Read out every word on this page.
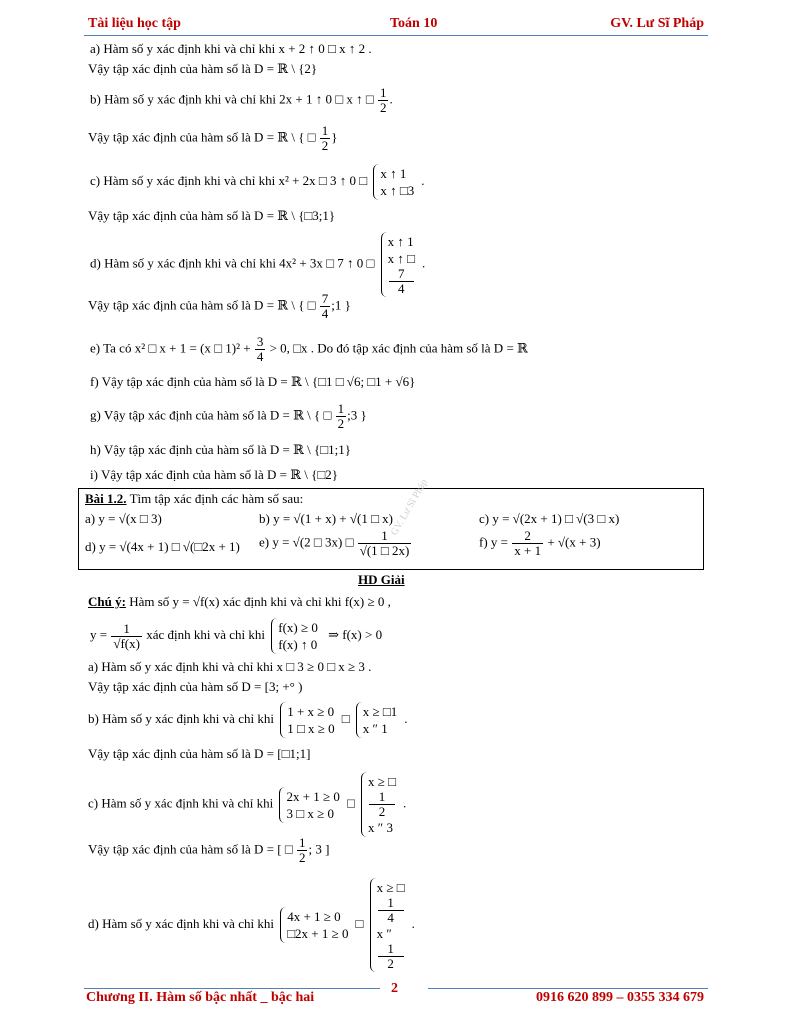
Tài liệu học tập	Toán 10	GV. Lư Sĩ Pháp
a) Hàm số y xác định khi và chỉ khi x + 2 ↑ 0 □ x ↑ 2 .
Vậy tập xác định của hàm số là D = ℝ \ {2}
b) Hàm số y xác định khi và chỉ khi 2x + 1 ↑ 0 □ x ↑ □ $\frac{1}{2}$ .
Vậy tập xác định của hàm số là D = ℝ \ { □ $\frac{1}{2}$ }
c) Hàm số y xác định khi và chỉ khi x² + 2x □ 3 ↑ 0 □ x ↑ 1
x ↑ □3
.
Vậy tập xác định của hàm số là D = ℝ \ {□3;1}
d) Hàm số y xác định khi và chỉ khi 4x² + 3x □ 7 ↑ 0 □
x ↑ 1
x ↑ □
7
4
.
Vậy tập xác định của hàm số là D = ℝ \ { □ $\frac{7}{4}$ ;1 }
e) Ta có x² □ x + 1 = (x □ $1)^2 + \frac{3}{4} > 0$, □x . Do đó tập xác định của hàm số là D = ℝ
f) Vậy tập xác định của hàm số là D = ℝ \ {□1 □ √6; □1 + √6}
g) Vậy tập xác định của hàm số là D = ℝ \ { □ $\frac{1}{2}$ ;3 }
h) Vậy tập xác định của hàm số là D = ℝ \ {□1;1}
i) Vậy tập xác định của hàm số là D = ℝ \ {□2}
Bài 1.2. Tìm tập xác định các hàm số sau:
a) y = √(x □ 3)	b) y = √(1 + x) + √(1 □ x)	c) y = √(2x + 1) □ √(3 □ x)
d) y = √(4x + 1) □ √(□2x + 1) e) y = √(2 □ 3x) □ $\frac{1}{√(1 □ 2x)}$	f) $y = \frac{2}{x + 1} + √(x + 3)$
GV. Lư Sĩ Pháp
HD Giải
Chú ý: Hàm số y = √f(x) xác định khi và chỉ khi f(x) ≥ 0 ,
$y = \frac{1}{√f(x)}$ xác định khi và chỉ khi f(x) ≥ 0
f(x) ↑ 0
⇒ f(x) > 0
a) Hàm số y xác định khi và chỉ khi x □ 3 ≥ 0 □ x ≥ 3 .
Vậy tập xác định của hàm số D = [3; +° )
b) Hàm số y xác định khi và chỉ khi 1 + x ≥ 0
1 □ x ≥ 0
□ x ≥ □1
x ″ 1
.
Vậy tập xác định của hàm số là D = [□1;1]
c) Hàm số y xác định khi và chỉ khi 2x + 1 ≥ 0
3 □ x ≥ 0
□
x ≥ □
1
2
x ″ 3
.
Vậy tập xác định của hàm số là D = [ □ $\frac{1}{2}$ ; 3 ]
d) Hàm số y xác định khi và chỉ khi 4x + 1 ≥ 0
□2x + 1 ≥ 0
□
x ≥ □
1
4
x ″
1
2
.
2
Chương II. Hàm số bậc nhất _ bậc hai	0916 620 899 – 0355 334 679
